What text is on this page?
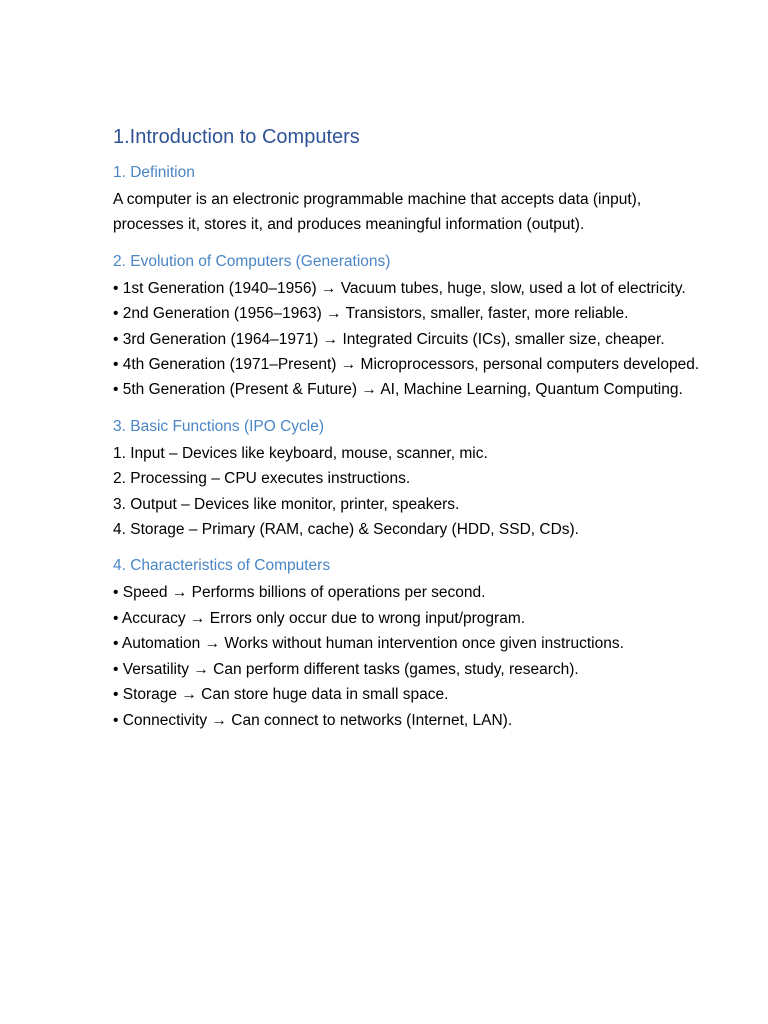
1.Introduction to Computers
1. Definition

A computer is an electronic programmable machine that accepts data (input), processes it, stores it, and produces meaningful information (output).

2. Evolution of Computers (Generations)

• 1st Generation (1940–1956) → Vacuum tubes, huge, slow, used a lot of electricity.

• 2nd Generation (1956–1963) → Transistors, smaller, faster, more reliable.

• 3rd Generation (1964–1971) → Integrated Circuits (ICs), smaller size, cheaper.

• 4th Generation (1971–Present) → Microprocessors, personal computers developed.

• 5th Generation (Present & Future) → AI, Machine Learning, Quantum Computing.

3. Basic Functions (IPO Cycle)

1. Input – Devices like keyboard, mouse, scanner, mic.

2. Processing – CPU executes instructions.

3. Output – Devices like monitor, printer, speakers.

4. Storage – Primary (RAM, cache) & Secondary (HDD, SSD, CDs).

4. Characteristics of Computers

• Speed → Performs billions of operations per second.

• Accuracy → Errors only occur due to wrong input/program.

• Automation → Works without human intervention once given instructions.

• Versatility → Can perform different tasks (games, study, research).

• Storage → Can store huge data in small space.

• Connectivity → Can connect to networks (Internet, LAN).
